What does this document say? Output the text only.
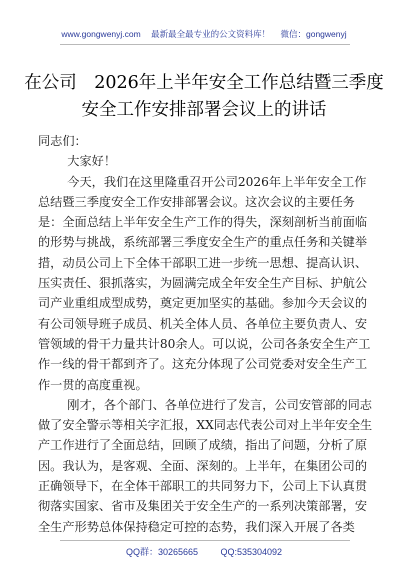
www.gongwenyj.com 最新最全最专业的公文资料库！ 微信：gongwenyj
在公司　2026年上半年安全工作总结暨三季度安全工作安排部署会议上的讲话

同志们：

大家好！

今天，我们在这里隆重召开公司2026年上半年安全工作总结暨三季度安全工作安排部署会议。这次会议的主要任务是：全面总结上半年安全生产工作的得失，深刻剖析当前面临的形势与挑战，系统部署三季度安全生产的重点任务和关键举措，动员公司上下全体干部职工进一步统一思想、提高认识、压实责任、狠抓落实，为圆满完成全年安全生产目标、护航公司产业重组成型成势，奠定更加坚实的基础。参加今天会议的有公司领导班子成员、机关全体人员、各单位主要负责人、安管领域的骨干力量共计80余人。可以说，公司各条安全生产工作一线的骨干都到齐了。这充分体现了公司党委对安全生产工作一贯的高度重视。

刚才，各个部门、各单位进行了发言，公司安管部的同志做了安全警示等相关字汇报，XX同志代表公司对上半年安全生产工作进行了全面总结，回顾了成绩，指出了问题，分析了原因。我认为，是客观、全面、深刻的。上半年，在集团公司的正确领导下，在全体干部职工的共同努力下，公司上下认真贯彻落实国家、省市及集团关于安全生产的一系列决策部署，安全生产形势总体保持稳定可控的态势，我们深入开展了各类

QQ群：30265665	QQ:535304092
